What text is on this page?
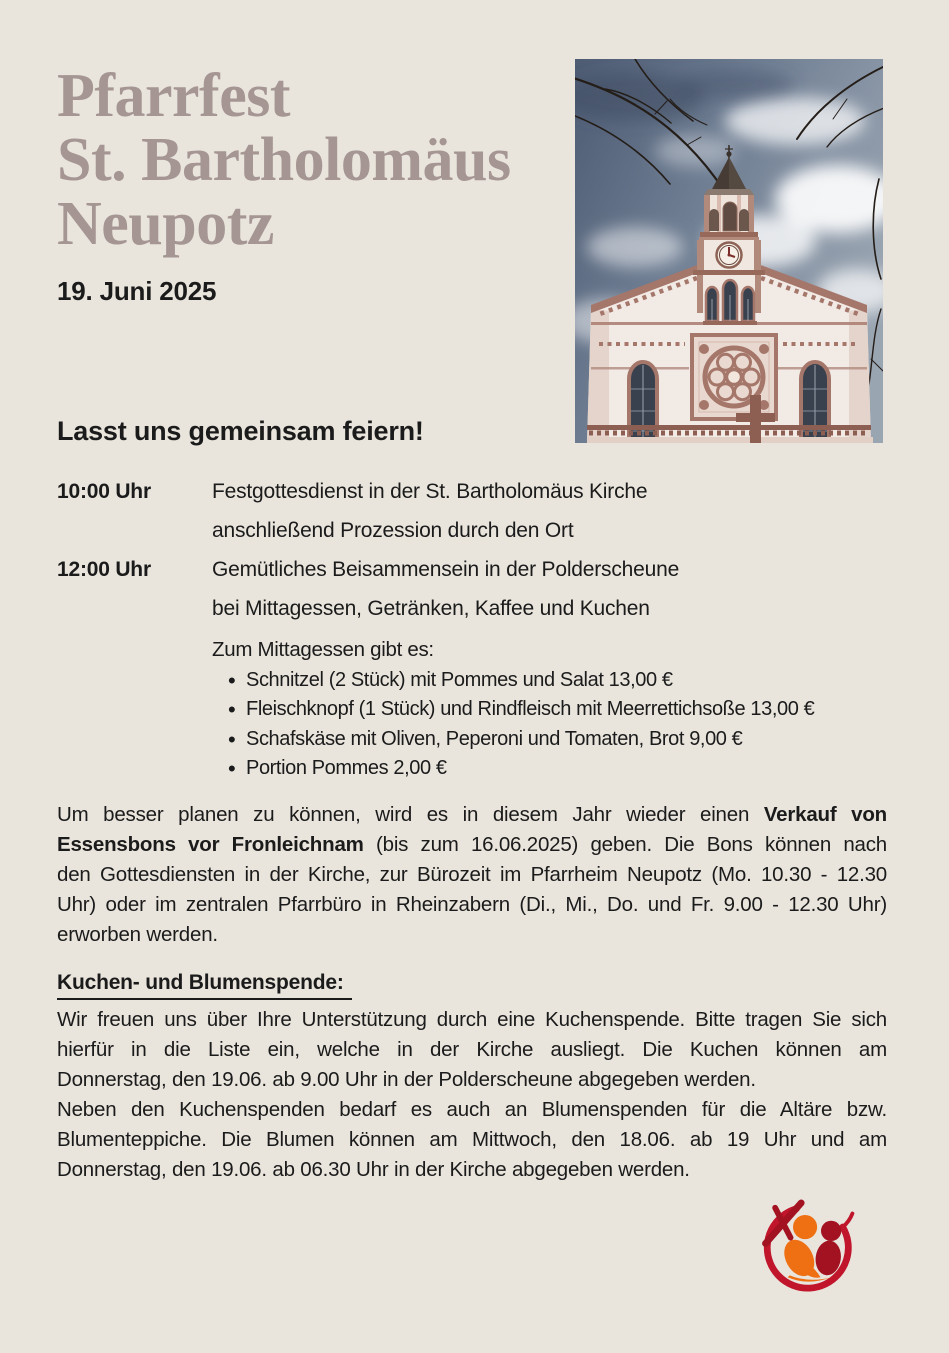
Pfarrfest
St. Bartholomäus
Neupotz
19. Juni 2025
Lasst uns gemeinsam feiern!
10:00 Uhr	Festgottesdienst in der St. Bartholomäus Kirche
anschließend Prozession durch den Ort
12:00 Uhr	Gemütliches Beisammensein in der Polderscheune
bei Mittagessen, Getränken, Kaffee und Kuchen
Zum Mittagessen gibt es:
• Schnitzel (2 Stück) mit Pommes und Salat 13,00 €
• Fleischknopf (1 Stück) und Rindfleisch mit Meerrettichsoße 13,00 €
• Schafskäse mit Oliven, Peperoni und Tomaten, Brot 9,00 €
• Portion Pommes 2,00 €
Um besser planen zu können, wird es in diesem Jahr wieder einen Verkauf von
Essensbons vor Fronleichnam (bis zum 16.06.2025) geben. Die Bons können nach
den Gottesdiensten in der Kirche, zur Bürozeit im Pfarrheim Neupotz (Mo. 10.30 - 12.30
Uhr) oder im zentralen Pfarrbüro in Rheinzabern (Di., Mi., Do. und Fr. 9.00 - 12.30 Uhr)
erworben werden.
Kuchen- und Blumenspende:
Wir freuen uns über Ihre Unterstützung durch eine Kuchenspende. Bitte tragen Sie sich
hierfür in die Liste ein, welche in der Kirche ausliegt. Die Kuchen können am
Donnerstag, den 19.06. ab 9.00 Uhr in der Polderscheune abgegeben werden.
Neben den Kuchenspenden bedarf es auch an Blumenspenden für die Altäre bzw.
Blumenteppiche. Die Blumen können am Mittwoch, den 18.06. ab 19 Uhr und am
Donnerstag, den 19.06. ab 06.30 Uhr in der Kirche abgegeben werden.
